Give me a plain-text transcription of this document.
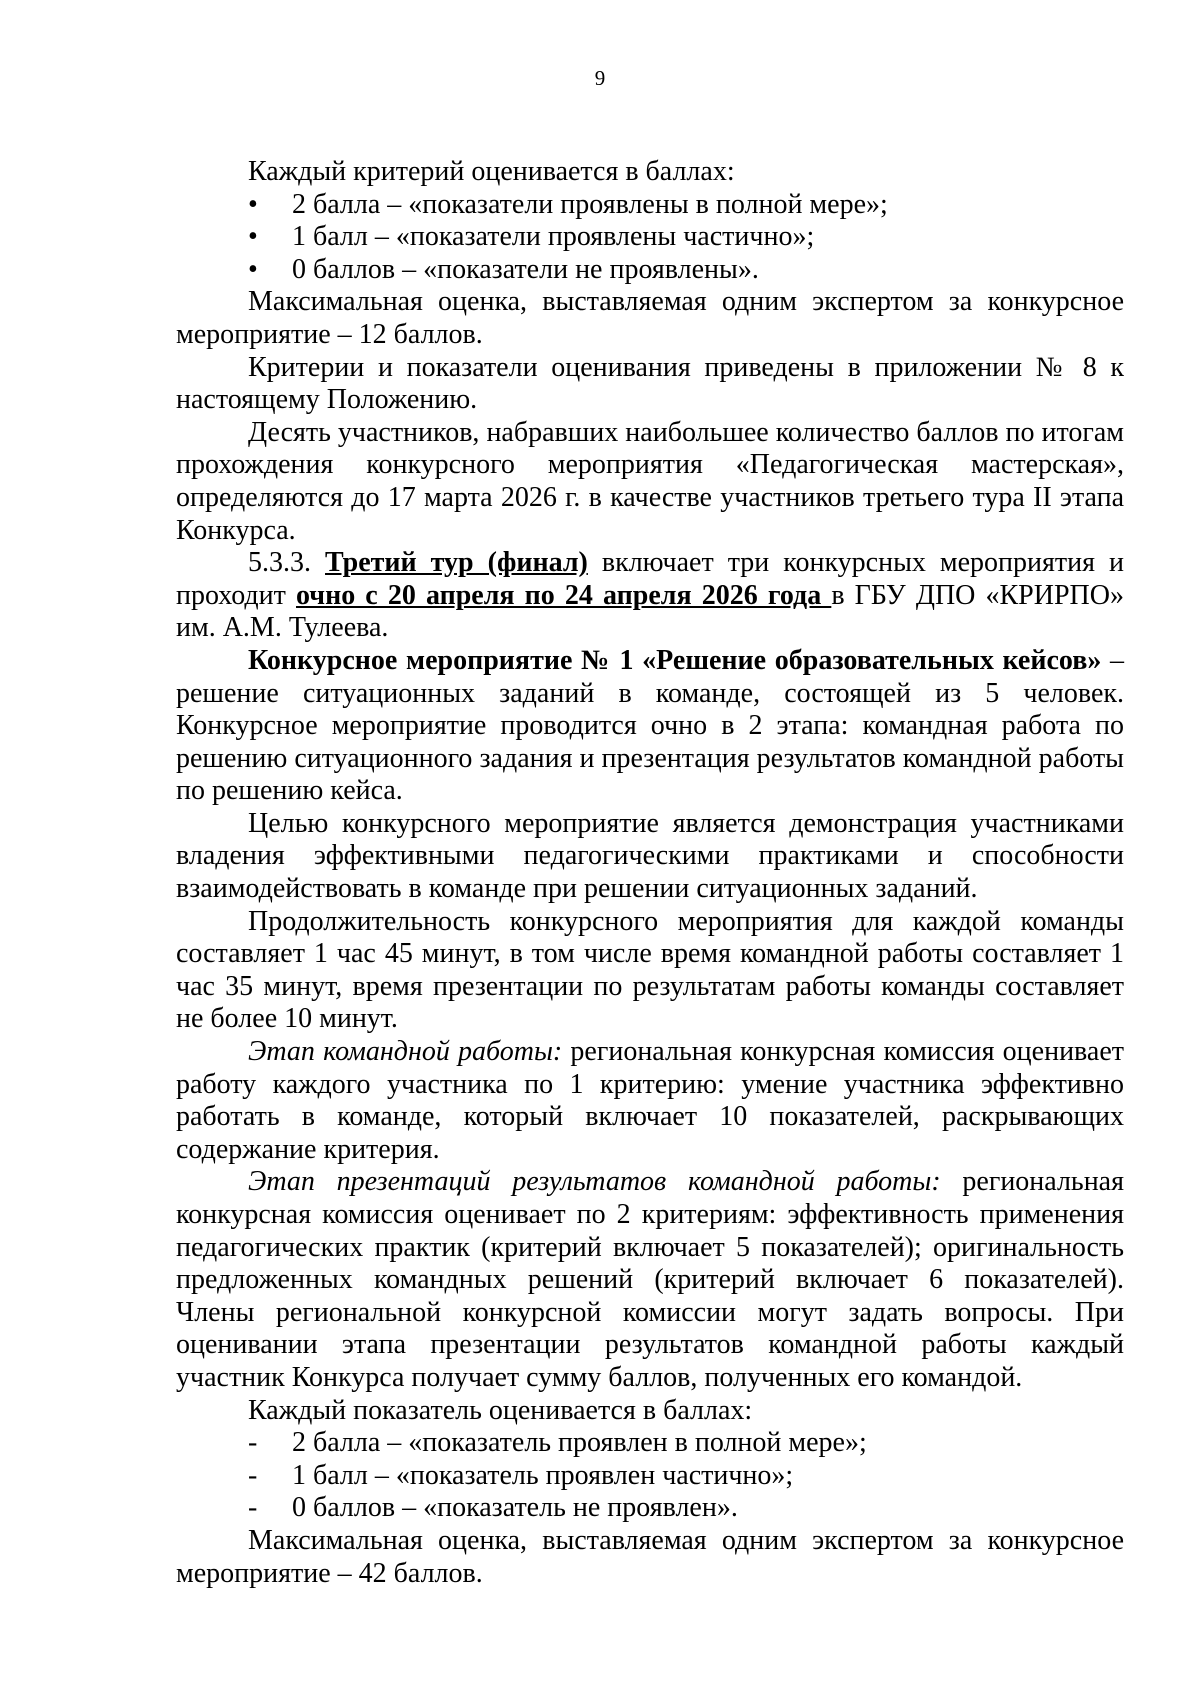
9

Каждый критерий оценивается в баллах:

• 2 балла – «показатели проявлены в полной мере»;
• 1 балл – «показатели проявлены частично»;
• 0 баллов – «показатели не проявлены».

Максимальная оценка, выставляемая одним экспертом за конкурсное мероприятие – 12 баллов.

Критерии и показатели оценивания приведены в приложении № 8 к настоящему Положению.

Десять участников, набравших наибольшее количество баллов по итогам прохождения конкурсного мероприятия «Педагогическая мастерская», определяются до 17 марта 2026 г. в качестве участников третьего тура II этапа Конкурса.

5.3.3. Третий тур (финал) включает три конкурсных мероприятия и проходит очно с 20 апреля по 24 апреля 2026 года в ГБУ ДПО «КРИРПО» им. А.М. Тулеева.

Конкурсное мероприятие № 1 «Решение образовательных кейсов» – решение ситуационных заданий в команде, состоящей из 5 человек. Конкурсное мероприятие проводится очно в 2 этапа: командная работа по решению ситуационного задания и презентация результатов командной работы по решению кейса.

Целью конкурсного мероприятие является демонстрация участниками владения эффективными педагогическими практиками и способности взаимодействовать в команде при решении ситуационных заданий.

Продолжительность конкурсного мероприятия для каждой команды составляет 1 час 45 минут, в том числе время командной работы составляет 1 час 35 минут, время презентации по результатам работы команды составляет не более 10 минут.

Этап командной работы: региональная конкурсная комиссия оценивает работу каждого участника по 1 критерию: умение участника эффективно работать в команде, который включает 10 показателей, раскрывающих содержание критерия.

Этап презентаций результатов командной работы: региональная конкурсная комиссия оценивает по 2 критериям: эффективность применения педагогических практик (критерий включает 5 показателей); оригинальность предложенных командных решений (критерий включает 6 показателей). Члены региональной конкурсной комиссии могут задать вопросы. При оценивании этапа презентации результатов командной работы каждый участник Конкурса получает сумму баллов, полученных его командой.

Каждый показатель оценивается в баллах:

- 2 балла – «показатель проявлен в полной мере»;
- 1 балл – «показатель проявлен частично»;
- 0 баллов – «показатель не проявлен».

Максимальная оценка, выставляемая одним экспертом за конкурсное мероприятие – 42 баллов.
